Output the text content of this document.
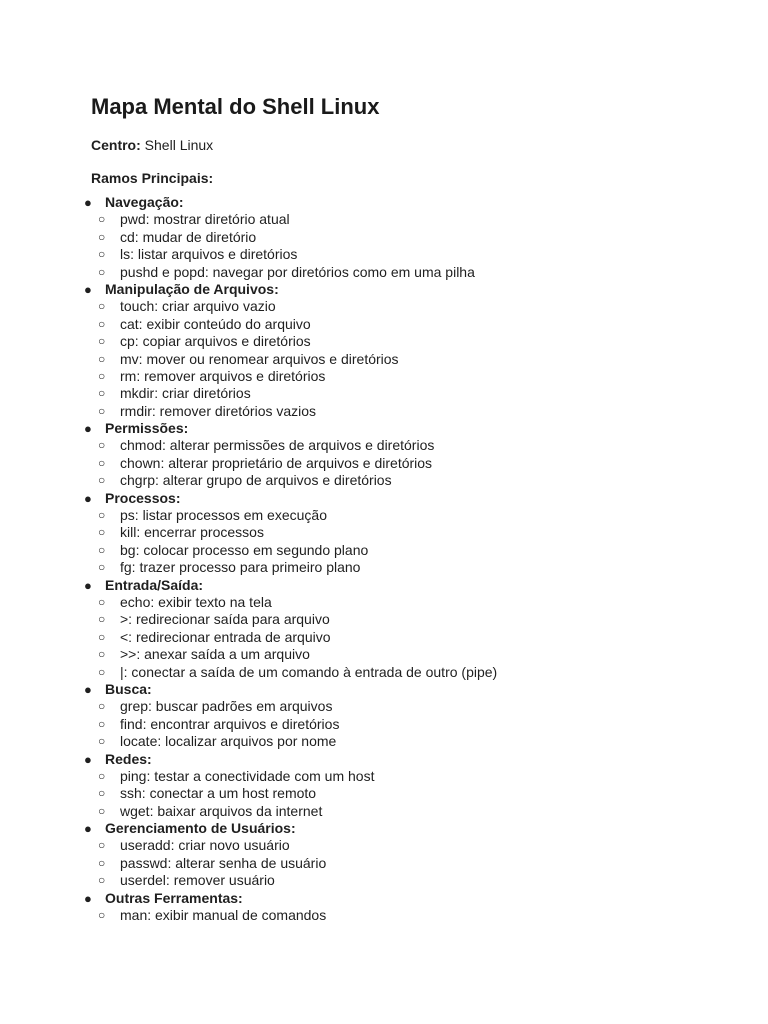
Mapa Mental do Shell Linux
Centro: Shell Linux
Ramos Principais:
● Navegação:
○ pwd: mostrar diretório atual
○ cd: mudar de diretório
○ ls: listar arquivos e diretórios
○ pushd e popd: navegar por diretórios como em uma pilha
● Manipulação de Arquivos:
○ touch: criar arquivo vazio
○ cat: exibir conteúdo do arquivo
○ cp: copiar arquivos e diretórios
○ mv: mover ou renomear arquivos e diretórios
○ rm: remover arquivos e diretórios
○ mkdir: criar diretórios
○ rmdir: remover diretórios vazios
● Permissões:
○ chmod: alterar permissões de arquivos e diretórios
○ chown: alterar proprietário de arquivos e diretórios
○ chgrp: alterar grupo de arquivos e diretórios
● Processos:
○ ps: listar processos em execução
○ kill: encerrar processos
○ bg: colocar processo em segundo plano
○ fg: trazer processo para primeiro plano
● Entrada/Saída:
○ echo: exibir texto na tela
○ >: redirecionar saída para arquivo
○ <: redirecionar entrada de arquivo
○ >>: anexar saída a um arquivo
○ |: conectar a saída de um comando à entrada de outro (pipe)
● Busca:
○ grep: buscar padrões em arquivos
○ find: encontrar arquivos e diretórios
○ locate: localizar arquivos por nome
● Redes:
○ ping: testar a conectividade com um host
○ ssh: conectar a um host remoto
○ wget: baixar arquivos da internet
● Gerenciamento de Usuários:
○ useradd: criar novo usuário
○ passwd: alterar senha de usuário
○ userdel: remover usuário
● Outras Ferramentas:
○ man: exibir manual de comandos
